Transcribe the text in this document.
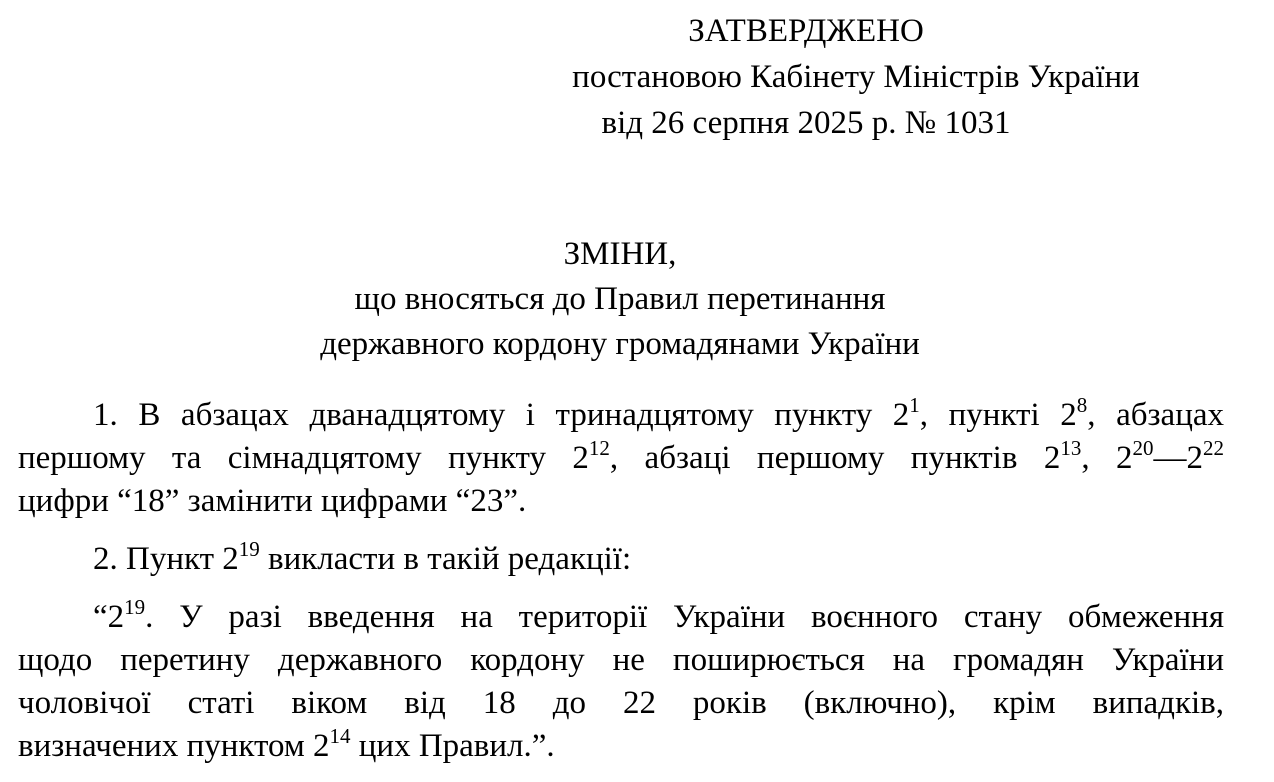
ЗАТВЕРДЖЕНО
постановою Кабінету Міністрів України
від 26 серпня 2025 р. № 1031
ЗМІНИ,
що вносяться до Правил перетинання
державного кордону громадянами України
1. В абзацах дванадцятому і тринадцятому пункту $2^1$, пункті $2^8$, абзацах
першому та сімнадцятому пункту $2^{12}$, абзаці першому пунктів $2^{13}$, $2^{20}—2^{22}$
цифри “18” замінити цифрами “23”.
2. Пункт $2^{19}$ викласти в такій редакції:
“$2^{19}$. У разі введення на території України воєнного стану обмеження
щодо перетину державного кордону не поширюється на громадян України
чоловічої статі віком від 18 до 22 років (включно), крім випадків,
визначених пунктом $2^{14}$ цих Правил.”.
